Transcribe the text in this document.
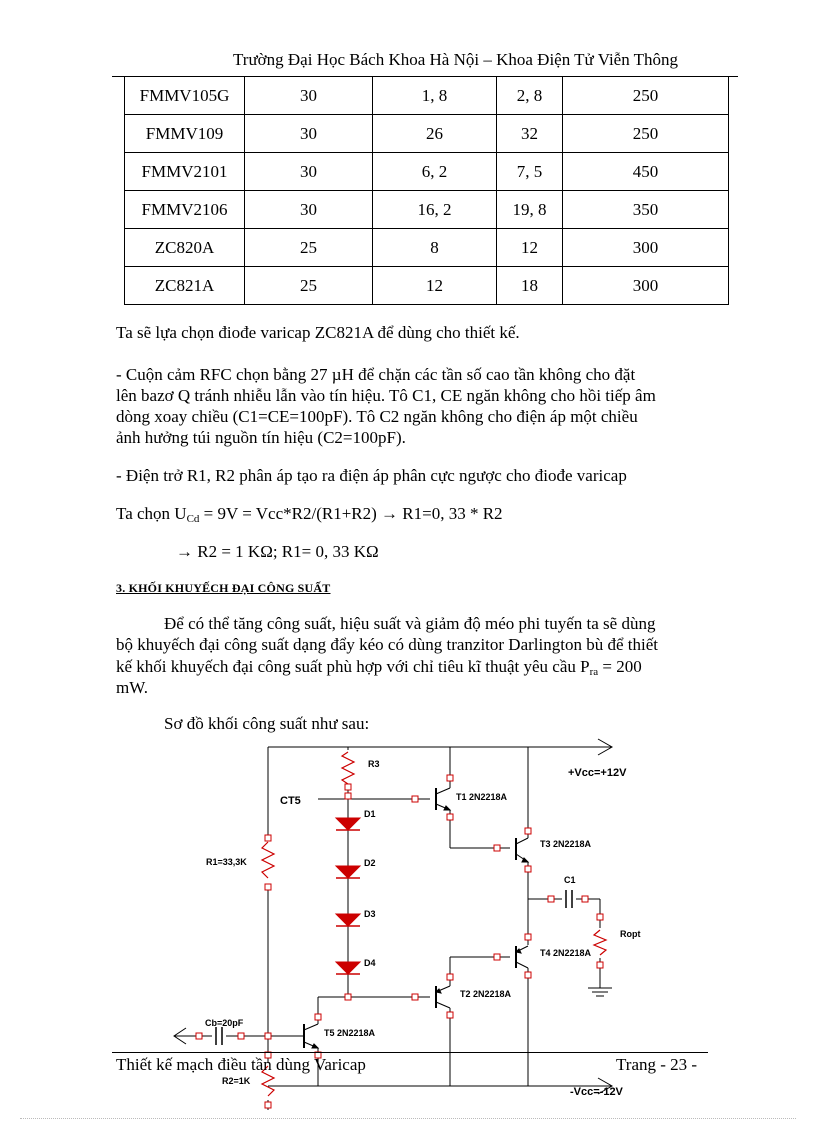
Trường Đại Học Bách Khoa Hà Nội – Khoa Điện Tử Viễn Thông
FMMV105G	30	1, 8	2, 8	250
FMMV109	30	26	32	250
FMMV2101	30	6, 2	7, 5	450
FMMV2106	30	16, 2	19, 8	350
ZC820A	25	8	12	300
ZC821A	25	12	18	300
Ta sẽ lựa chọn điođe varicap ZC821A để dùng cho thiết kế.
- Cuộn cảm RFC chọn bằng 27 µH để chặn các tần số cao tần không cho đặt
lên bazơ Q tránh nhiễu lẫn vào tín hiệu. Tô C1, CE ngăn không cho hồi tiếp âm
dòng xoay chiều (C1=CE=100pF). Tô C2 ngăn không cho điện áp một chiều
ảnh hưởng túi nguồn tín hiệu (C2=100pF).
- Điện trở R1, R2 phân áp tạo ra điện áp phân cực ngược cho điođe varicap
Ta chọn $U_{Cd} = 9V = Vcc*R2/(R1+R2) \to R1=0$, 33 * R2
→ R2 = 1 KΩ; R1= 0, 33 KΩ
3. KHỐI KHUYẾCH ĐẠI CÔNG SUẤT
Để có thể tăng công suất, hiệu suất và giảm độ méo phi tuyến ta sẽ dùng
bộ khuyếch đại công suất dạng đẩy kéo có dùng tranzitor Darlington bù để thiết
kế khối khuyếch đại công suất phù hợp với chỉ tiêu kĩ thuật yêu cầu $P_{ra} = 200$
mW.
Sơ đồ khối công suất như sau:
R3
CT5
D1
D2
D3
D4
R1=33,3K
T1 2N2218A
T3 2N2218A
T4 2N2218A
T2 2N2218A
T5 2N2218A
C1
Ropt
Cb=20pF
R2=1K
+Vcc=+12V
-Vcc=-12V
Thiết kế mạch điều tần dùng Varicap	Trang - 23 -
